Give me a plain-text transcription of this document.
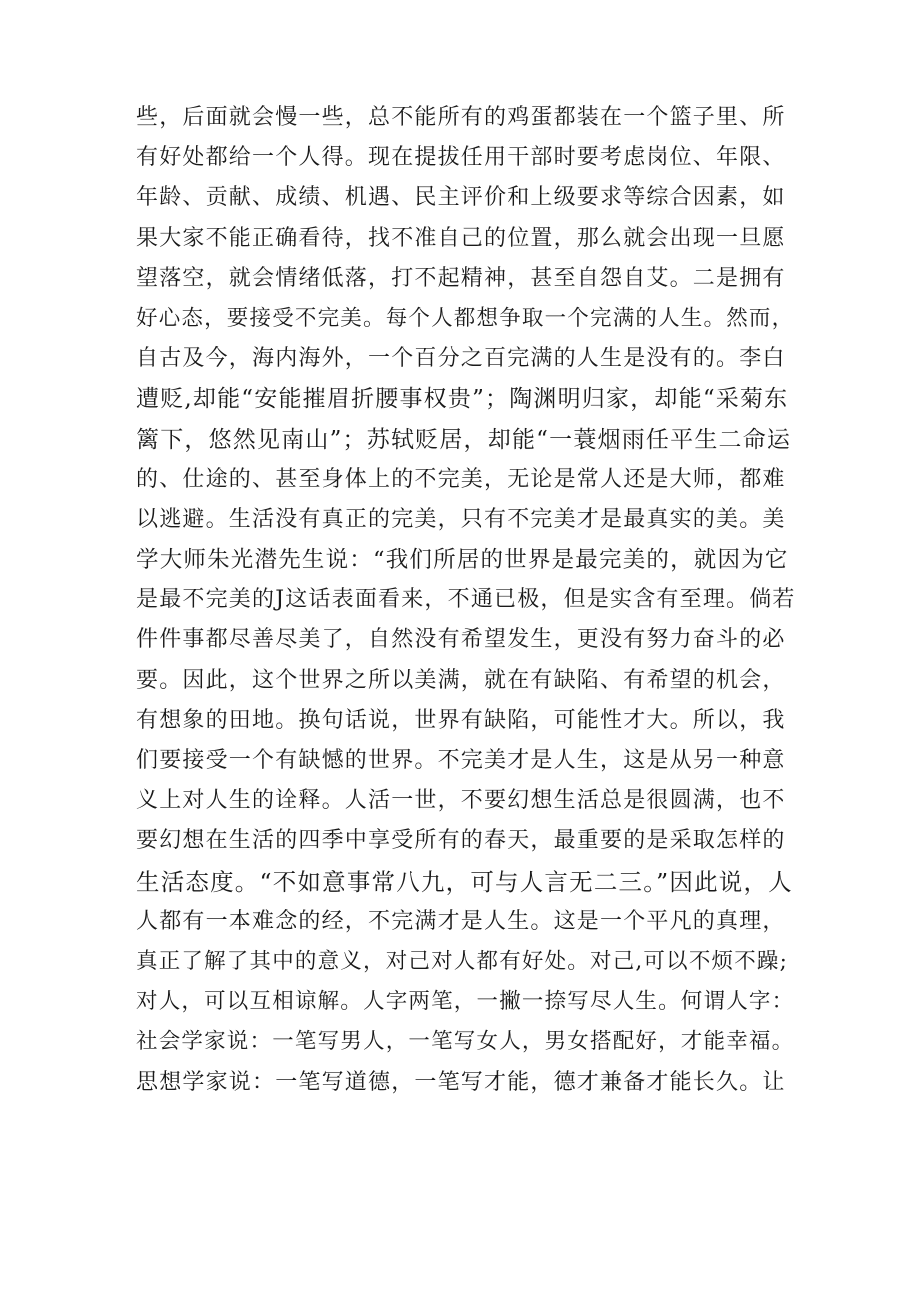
些，后面就会慢一些，总不能所有的鸡蛋都装在一个篮子里、所
有好处都给一个人得。现在提拔任用干部时要考虑岗位、年限、
年龄、贡献、成绩、机遇、民主评价和上级要求等综合因素，如
果大家不能正确看待，找不准自己的位置，那么就会出现一旦愿
望落空，就会情绪低落，打不起精神，甚至自怨自艾。二是拥有
好心态，要接受不完美。每个人都想争取一个完满的人生。然而，
自古及今，海内海外，一个百分之百完满的人生是没有的。李白
遭贬,却能“安能摧眉折腰事权贵”；陶渊明归家，却能“采菊东
篱下，悠然见南山”；苏轼贬居，却能“一蓑烟雨任平生二命运
的、仕途的、甚至身体上的不完美，无论是常人还是大师，都难
以逃避。生活没有真正的完美，只有不完美才是最真实的美。美
学大师朱光潜先生说：“我们所居的世界是最完美的，就因为它
是最不完美的J这话表面看来，不通已极，但是实含有至理。倘若
件件事都尽善尽美了，自然没有希望发生，更没有努力奋斗的必
要。因此，这个世界之所以美满，就在有缺陷、有希望的机会，
有想象的田地。换句话说，世界有缺陷，可能性才大。所以，我
们要接受一个有缺憾的世界。不完美才是人生，这是从另一种意
义上对人生的诠释。人活一世，不要幻想生活总是很圆满，也不
要幻想在生活的四季中享受所有的春天，最重要的是采取怎样的
生活态度。“不如意事常八九，可与人言无二三。”因此说，人
人都有一本难念的经，不完满才是人生。这是一个平凡的真理，
真正了解了其中的意义，对己对人都有好处。对己,可以不烦不躁;
对人，可以互相谅解。人字两笔，一撇一捺写尽人生。何谓人字：
社会学家说：一笔写男人，一笔写女人，男女搭配好，才能幸福。
思想学家说：一笔写道德，一笔写才能，德才兼备才能长久。让
